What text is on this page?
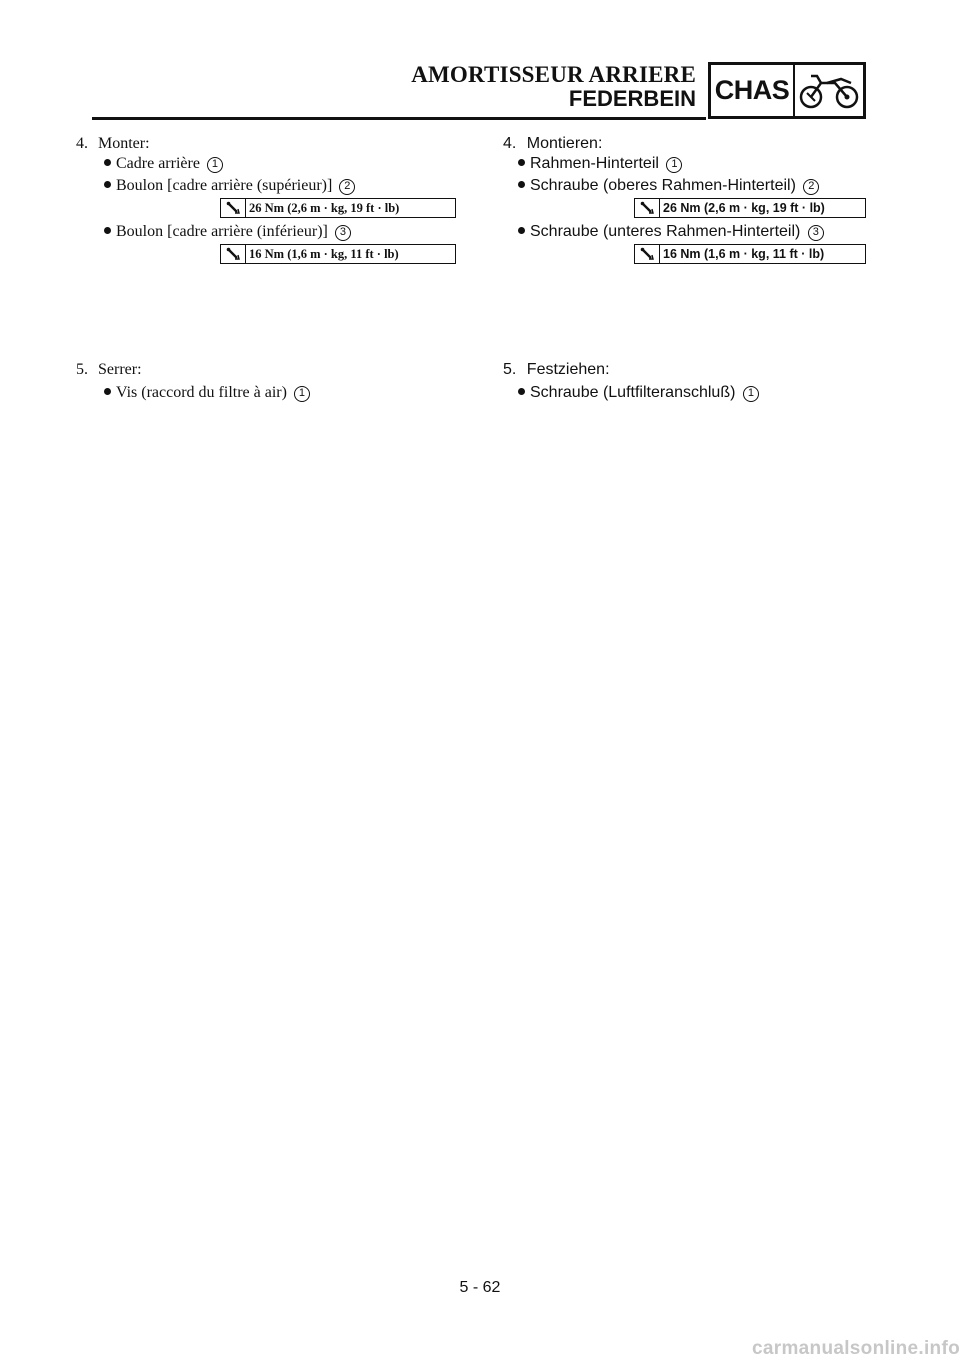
AMORTISSEUR ARRIERE
FEDERBEIN CHAS
4. Monter:
Cadre arrière 1
Boulon [cadre arrière (supérieur)] 2
26 Nm (2,6 m · kg, 19 ft · lb)
Boulon [cadre arrière (inférieur)] 3
16 Nm (1,6 m · kg, 11 ft · lb)
5. Serrer:
Vis (raccord du filtre à air) 1
4. Montieren:
Rahmen-Hinterteil 1
Schraube (oberes Rahmen-Hinterteil) 2
26 Nm (2,6 m · kg, 19 ft · lb)
Schraube (unteres Rahmen-Hinterteil) 3
16 Nm (1,6 m · kg, 11 ft · lb)
5. Festziehen:
Schraube (Luftfilteranschluß) 1
5 - 62
carmanualsonline.info
